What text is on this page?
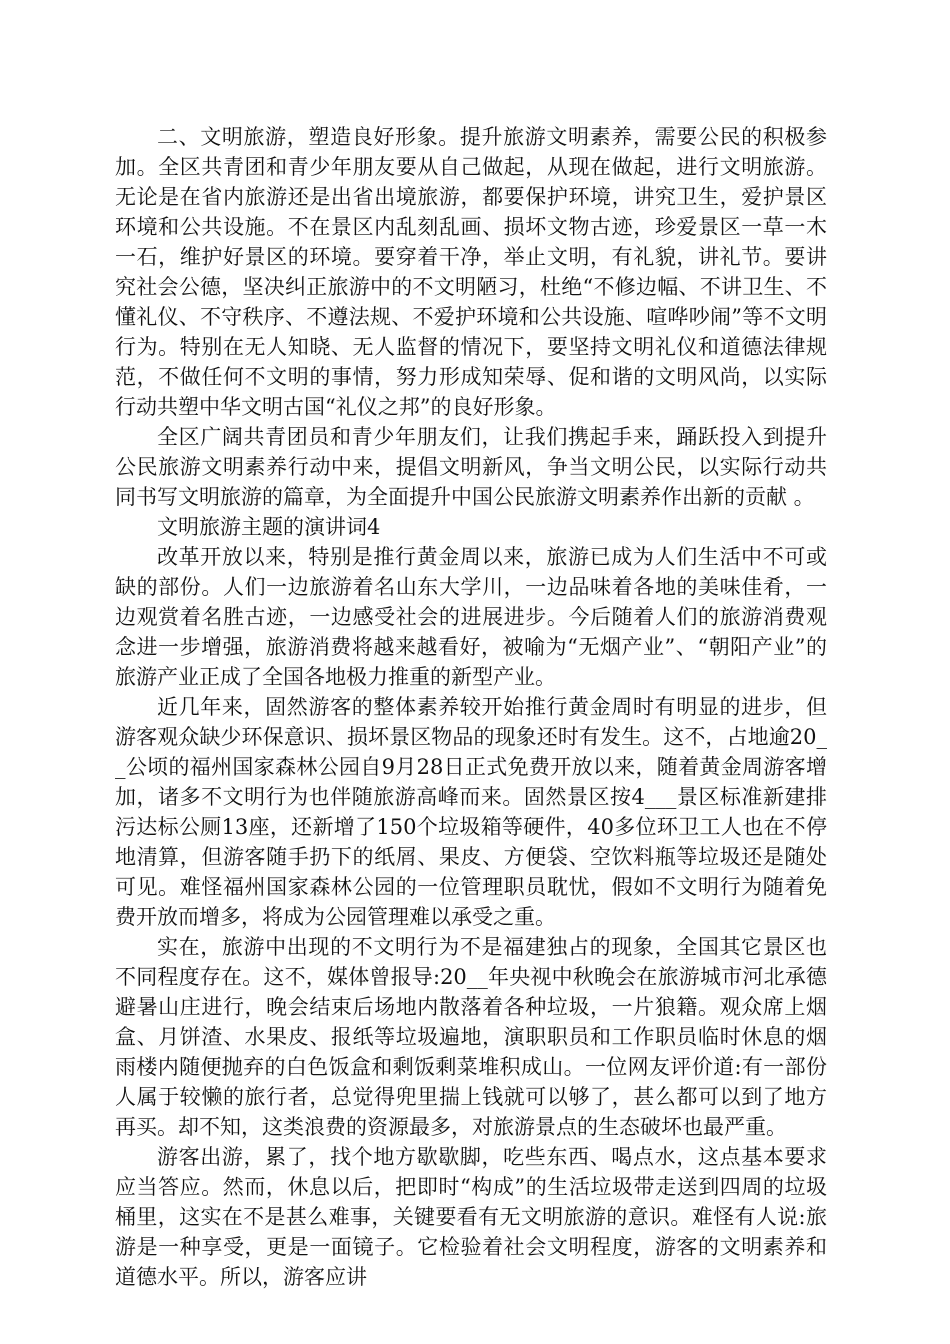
二、文明旅游，塑造良好形象。提升旅游文明素养，需要公民的积极参加。全区共青团和青少年朋友要从自己做起，从现在做起，进行文明旅游。无论是在省内旅游还是出省出境旅游，都要保护环境，讲究卫生，爱护景区环境和公共设施。不在景区内乱刻乱画、损坏文物古迹，珍爱景区一草一木一石，维护好景区的环境。要穿着干净，举止文明，有礼貌，讲礼节。要讲究社会公德，坚决纠正旅游中的不文明陋习，杜绝“不修边幅、不讲卫生、不懂礼仪、不守秩序、不遵法规、不爱护环境和公共设施、喧哗吵闹”等不文明行为。特别在无人知晓、无人监督的情况下，要坚持文明礼仪和道德法律规范，不做任何不文明的事情，努力形成知荣辱、促和谐的文明风尚，以实际行动共塑中华文明古国“礼仪之邦”的良好形象。

全区广阔共青团员和青少年朋友们，让我们携起手来，踊跃投入到提升公民旅游文明素养行动中来，提倡文明新风，争当文明公民，以实际行动共同书写文明旅游的篇章，为全面提升中国公民旅游文明素养作出新的贡献 。

文明旅游主题的演讲词4

改革开放以来，特别是推行黄金周以来，旅游已成为人们生活中不可或缺的部份。人们一边旅游着名山东大学川，一边品味着各地的美味佳肴，一边观赏着名胜古迹，一边感受社会的进展进步。今后随着人们的旅游消费观念进一步增强，旅游消费将越来越看好，被喻为“无烟产业”、“朝阳产业”的旅游产业正成了全国各地极力推重的新型产业。

近几年来，固然游客的整体素养较开始推行黄金周时有明显的进步，但游客观众缺少环保意识、损坏景区物品的现象还时有发生。这不，占地逾20__公顷的福州国家森林公园自9月28日正式免费开放以来，随着黄金周游客增加，诸多不文明行为也伴随旅游高峰而来。固然景区按4___景区标准新建排污达标公厕13座，还新增了150个垃圾箱等硬件，40多位环卫工人也在不停地清算，但游客随手扔下的纸屑、果皮、方便袋、空饮料瓶等垃圾还是随处可见。难怪福州国家森林公园的一位管理职员耽忧，假如不文明行为随着免费开放而增多，将成为公园管理难以承受之重。

实在，旅游中出现的不文明行为不是福建独占的现象，全国其它景区也不同程度存在。这不，媒体曾报导:20__年央视中秋晚会在旅游城市河北承德避暑山庄进行，晚会结束后场地内散落着各种垃圾，一片狼籍。观众席上烟盒、月饼渣、水果皮、报纸等垃圾遍地，演职职员和工作职员临时休息的烟雨楼内随便抛弃的白色饭盒和剩饭剩菜堆积成山。一位网友评价道:有一部份人属于较懒的旅行者，总觉得兜里揣上钱就可以够了，甚么都可以到了地方再买。却不知，这类浪费的资源最多，对旅游景点的生态破坏也最严重。

游客出游，累了，找个地方歇歇脚，吃些东西、喝点水，这点基本要求应当答应。然而，休息以后，把即时“构成”的生活垃圾带走送到四周的垃圾桶里，这实在不是甚么难事，关键要看有无文明旅游的意识。难怪有人说:旅游是一种享受，更是一面镜子。它检验着社会文明程度，游客的文明素养和道德水平。所以，游客应讲
